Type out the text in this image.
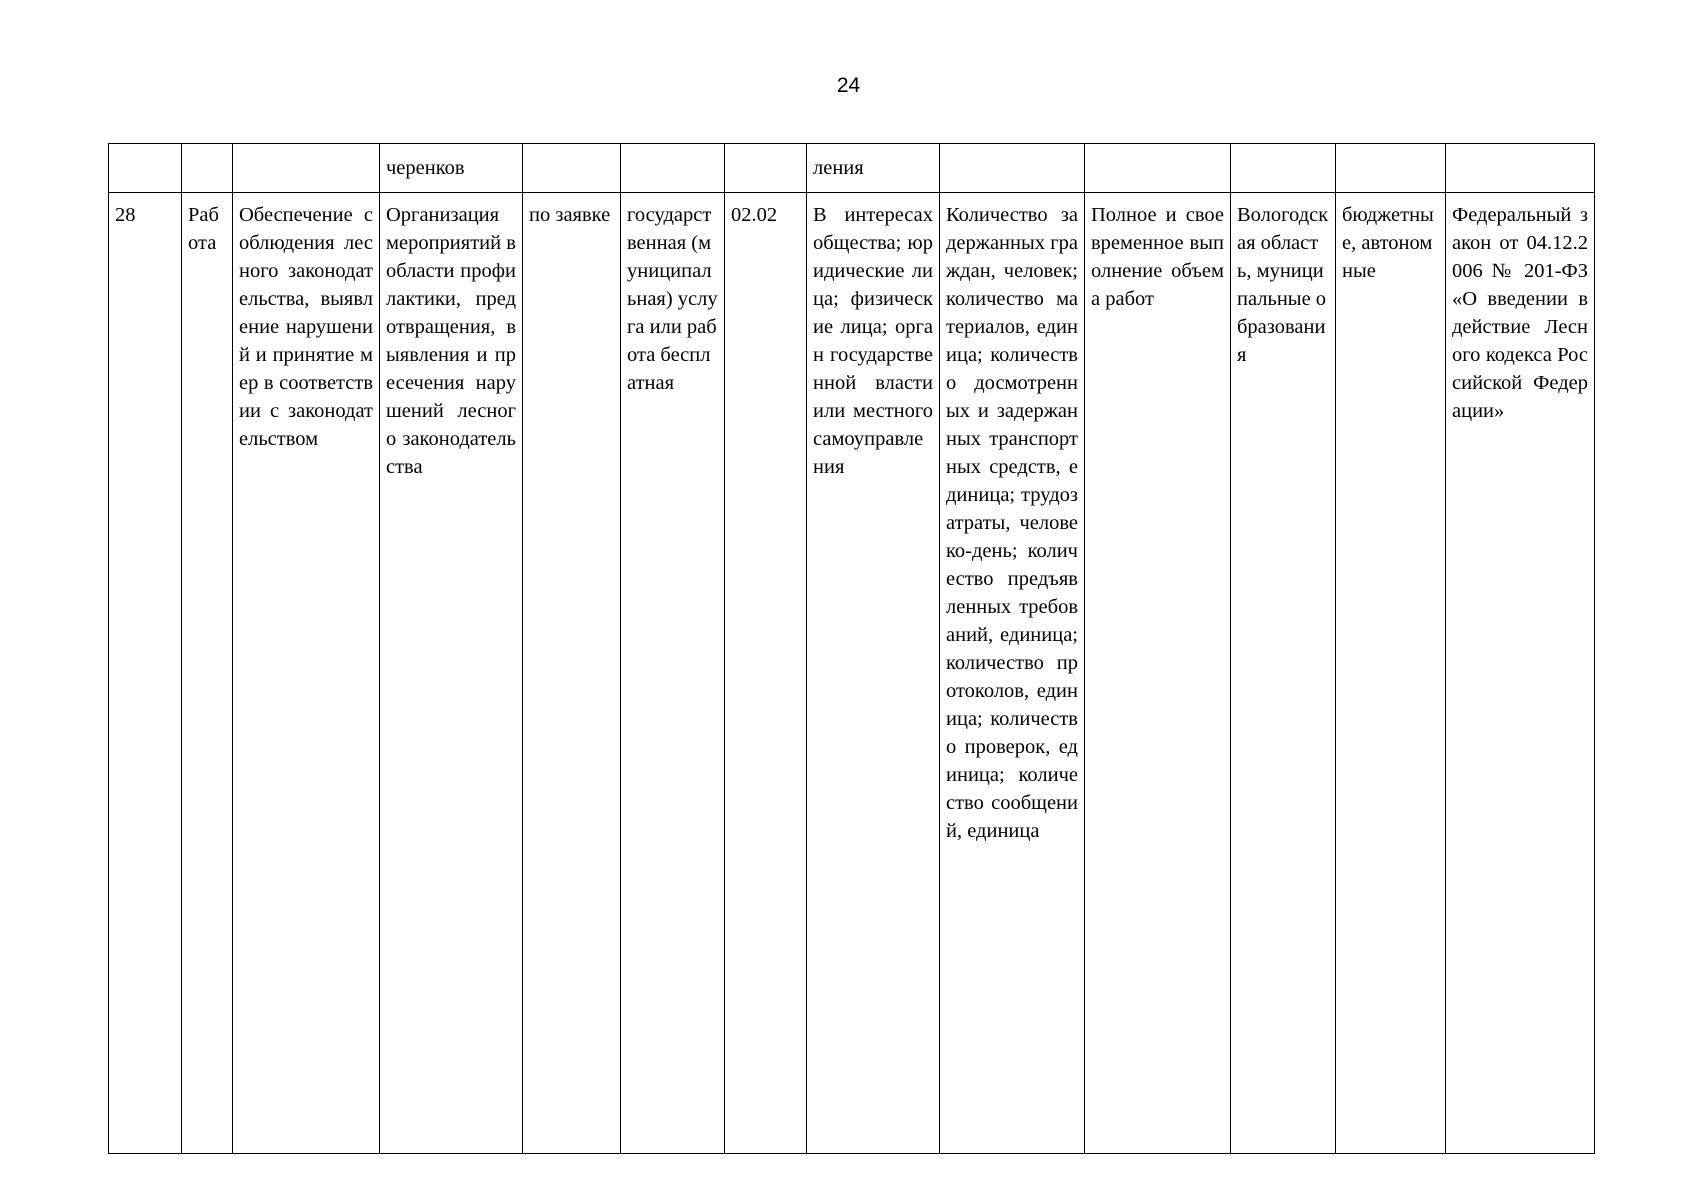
24
			черенков				ления					
28	Работа	Обеспечение соблюдения лесного законодательства, выявление нарушений и принятие мер в соответствии с законодательством	Организация мероприятий в области профилактики, предотвращения, выявления и пресечения нарушений лесного законодательства	по заявке	государственная (муниципальная) услуга или работа бесплатная	02.02	В интересах общества; юридические лица; физические лица; орган государственной власти или местного самоуправления	Количество задержанных граждан, человек; количество материалов, единица; количество досмотренных и задержанных транспортных средств, единица; трудозатраты, человеко-день; количество предъявленных требований, единица; количество протоколов, единица; количество проверок, единица; количество сообщений, единица	Полное и своевременное выполнение объема работ	Вологодская область, муниципальные образования	бюджетные, автономные	Федеральный закон от 04.12.2006 № 201-ФЗ «О введении в действие Лесного кодекса Российской Федерации»
